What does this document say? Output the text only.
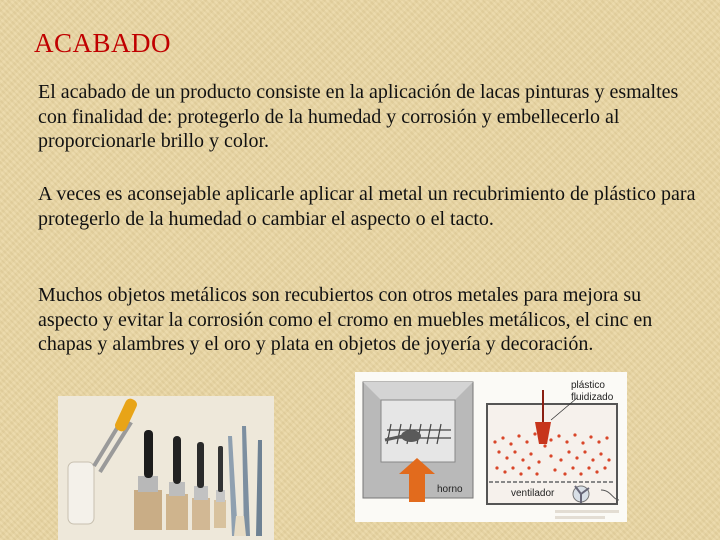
ACABADO
El acabado de un producto consiste en la aplicación de lacas pinturas y esmaltes con finalidad de: protegerlo de la humedad y corrosión y embellecerlo al proporcionarle brillo y color.
A veces es aconsejable aplicarle aplicar al metal un recubrimiento de plástico para protegerlo de la humedad o cambiar el aspecto o el tacto.
Muchos objetos metálicos son recubiertos con otros metales para mejora su aspecto y evitar la corrosión como el cromo en muebles metálicos, el cinc en chapas y alambres y el oro y plata en objetos de joyería y decoración.
plástico
fluidizado
horno	ventilador
